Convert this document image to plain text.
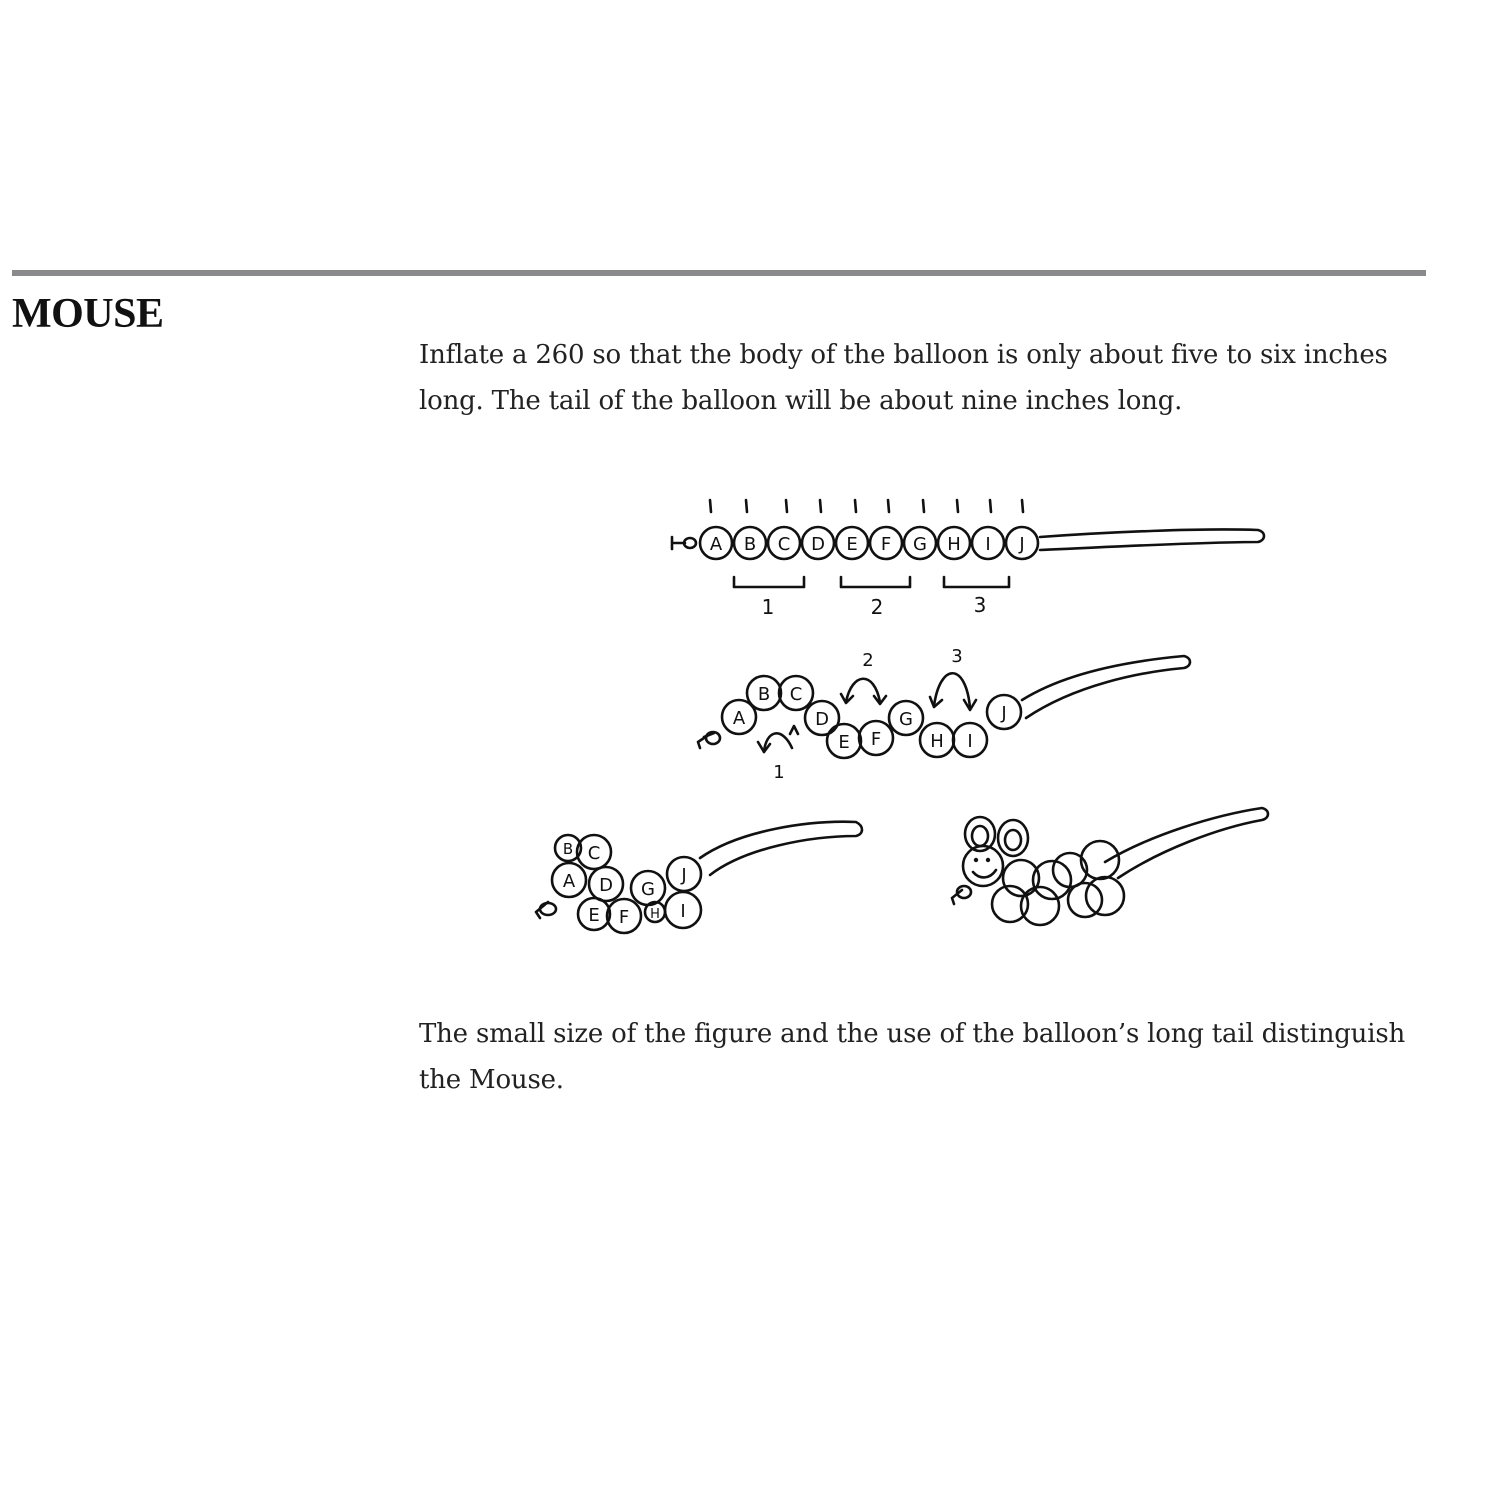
MOUSE
Inflate a 260 so that the body of the balloon is only about five to six inches long. The tail of the balloon will be about nine inches long.
A B C D E F G H I J
1	2	3
A
B C
D
E F
G
H I
J
1
2	3
B C
A D G
J
E F H I
The small size of the figure and the use of the balloon’s long tail distinguish the Mouse.
